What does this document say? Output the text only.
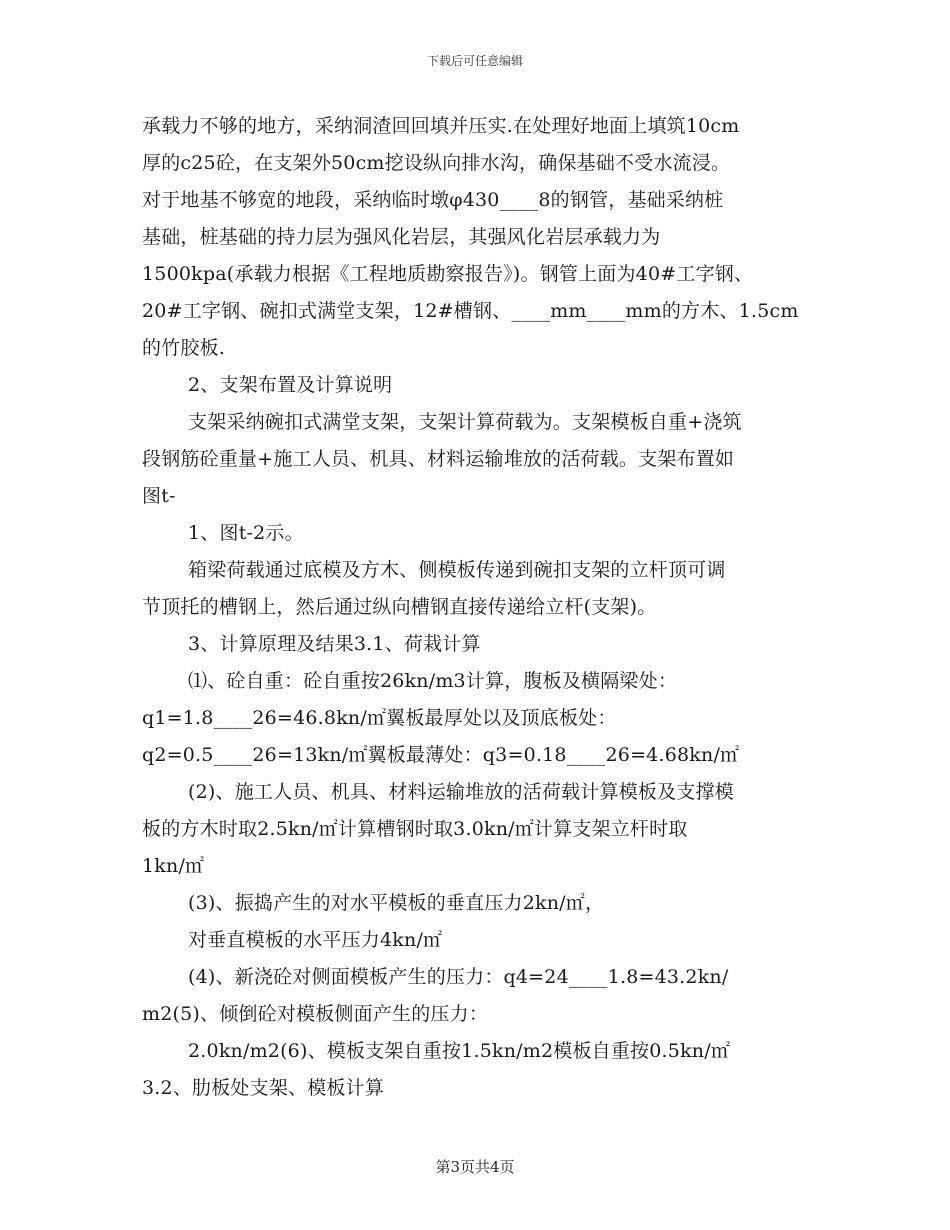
下载后可任意编辑
承载力不够的地方，采纳洞渣回回填并压实.在处理好地面上填筑10cm
厚的c25砼，在支架外50cm挖设纵向排水沟，确保基础不受水流浸。
对于地基不够宽的地段，采纳临时墩φ430____8的钢管，基础采纳桩
基础，桩基础的持力层为强风化岩层，其强风化岩层承载力为
1500kpa(承载力根据《工程地质勘察报告》)。钢管上面为40#工字钢、
20#工字钢、碗扣式满堂支架，12#槽钢、____mm____mm的方木、1.5cm
的竹胶板.
2、支架布置及计算说明
支架采纳碗扣式满堂支架，支架计算荷载为。支架模板自重+浇筑
段钢筋砼重量+施工人员、机具、材料运输堆放的活荷载。支架布置如
图t-
1、图t-2示。
箱梁荷载通过底模及方木、侧模板传递到碗扣支架的立杆顶可调
节顶托的槽钢上，然后通过纵向槽钢直接传递给立杆(支架)。
3、计算原理及结果3.1、荷栽计算
⑴、砼自重：砼自重按26kn/m3计算，腹板及横隔梁处：
q1=1.8____26=46.8kn/㎡翼板最厚处以及顶底板处：
q2=0.5____26=13kn/㎡翼板最薄处：q3=0.18____26=4.68kn/㎡
(2)、施工人员、机具、材料运输堆放的活荷载计算模板及支撑模
板的方木时取2.5kn/㎡计算槽钢时取3.0kn/㎡计算支架立杆时取
1kn/㎡
(3)、振捣产生的对水平模板的垂直压力2kn/㎡，
对垂直模板的水平压力4kn/㎡
(4)、新浇砼对侧面模板产生的压力：q4=24____1.8=43.2kn/
m2(5)、倾倒砼对模板侧面产生的压力：
2.0kn/m2(6)、模板支架自重按1.5kn/m2模板自重按0.5kn/㎡
3.2、肋板处支架、模板计算
第3页共4页
